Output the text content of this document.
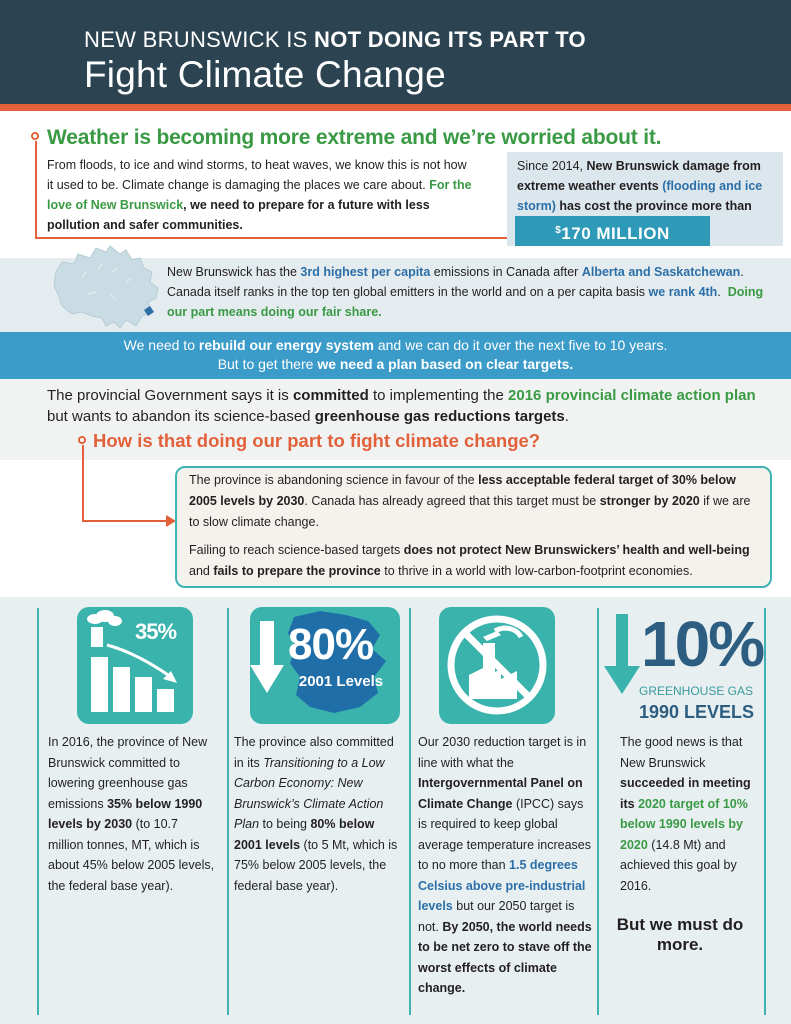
NEW BRUNSWICK IS NOT DOING ITS PART TO
Fight Climate Change
Weather is becoming more extreme and we’re worried about it.
From floods, to ice and wind storms, to heat waves, we know this is not how it used to be. Climate change is damaging the places we care about. For the love of New Brunswick, we need to prepare for a future with less pollution and safer communities.
Since 2014, New Brunswick damage from extreme weather events (flooding and ice storm) has cost the province more than
$170 MILLION
New Brunswick has the 3rd highest per capita emissions in Canada after Alberta and Saskatchewan. Canada itself ranks in the top ten global emitters in the world and on a per capita basis we rank 4th. Doing our part means doing our fair share.
We need to rebuild our energy system and we can do it over the next five to 10 years.
But to get there we need a plan based on clear targets.
The provincial Government says it is committed to implementing the 2016 provincial climate action plan but wants to abandon its science-based greenhouse gas reductions targets.
How is that doing our part to fight climate change?
The province is abandoning science in favour of the less acceptable federal target of 30% below 2005 levels by 2030. Canada has already agreed that this target must be stronger by 2020 if we are to slow climate change.
Failing to reach science-based targets does not protect New Brunswickers’ health and well-being and fails to prepare the province to thrive in a world with low-carbon-footprint economies.
35%	80%
2001 Levels
10%
GREENHOUSE GAS
1990 LEVELS
In 2016, the province of New Brunswick committed to lowering greenhouse gas emissions 35% below 1990 levels by 2030 (to 10.7 million tonnes, MT, which is about 45% below 2005 levels, the federal base year).
The province also committed in its Transitioning to a Low Carbon Economy: New Brunswick’s Climate Action Plan to being 80% below 2001 levels (to 5 Mt, which is 75% below 2005 levels, the federal base year).
Our 2030 reduction target is in line with what the Intergovernmental Panel on Climate Change (IPCC) says is required to keep global average temperature increases to no more than 1.5 degrees Celsius above pre-industrial levels but our 2050 target is not. By 2050, the world needs to be net zero to stave off the worst effects of climate change.
The good news is that New Brunswick succeeded in meeting its 2020 target of 10% below 1990 levels by 2020 (14.8 Mt) and achieved this goal by 2016.
But we must do more.
